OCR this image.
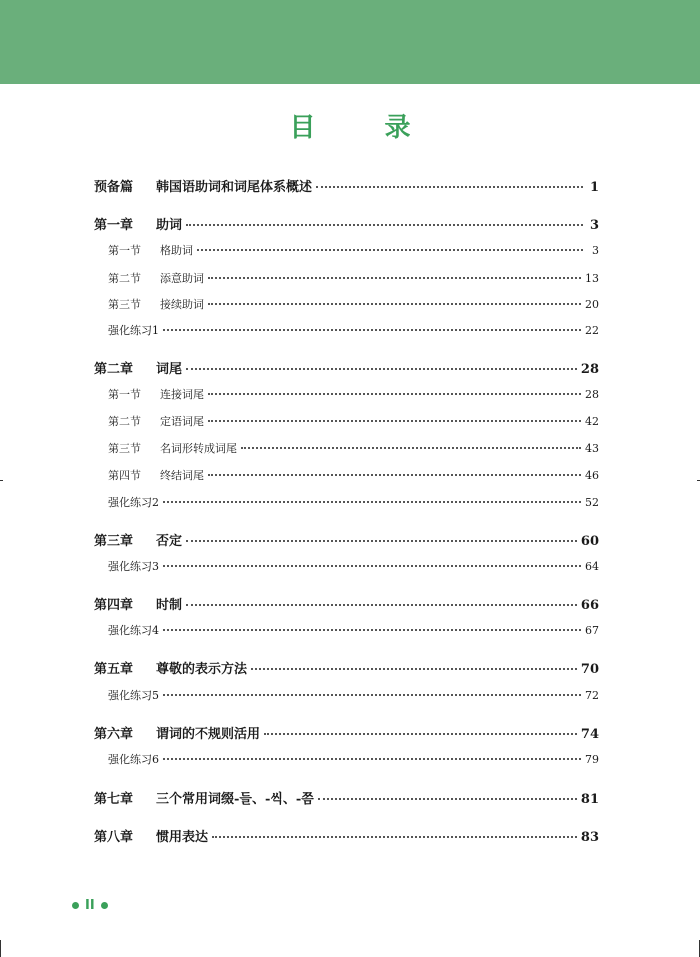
目 录
预备篇	韩国语助词和词尾体系概述	1
第一章	助词	3
第一节	格助词	3
第二节	添意助词	13
第三节	接续助词	20
强化练习1	22
第二章	词尾	28
第一节	连接词尾	28
第二节	定语词尾	42
第三节	名词形转成词尾	43
第四节	终结词尾	46
强化练习2	52
第三章	否定	60
强化练习3	64
第四章	时制	66
强化练习4	67
第五章	尊敬的表示方法	70
强化练习5	72
第六章	谓词的不规则活用	74
强化练习6	79
第七章	三个常用词缀-들、-씩、-쯤	81
第八章	惯用表达	83
II
